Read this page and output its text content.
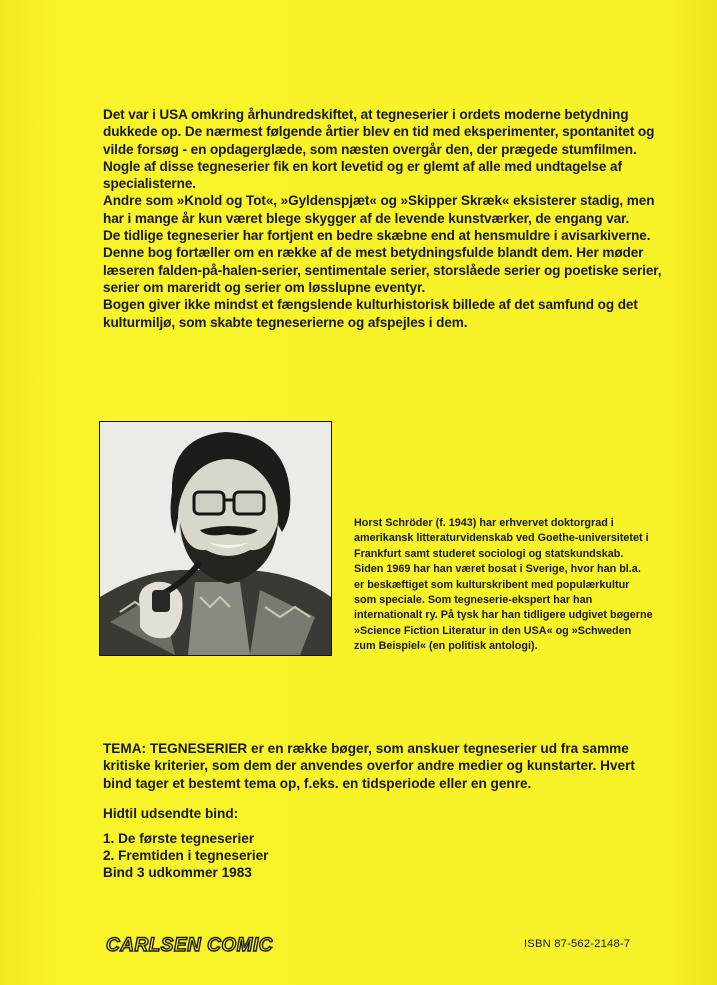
Det var i USA omkring århundredskiftet, at tegneserier i ordets moderne betydning dukkede op. De nærmest følgende årtier blev en tid med eksperimenter, spontanitet og vilde forsøg - en opdagerglæde, som næsten overgår den, der prægede stumfilmen. Nogle af disse tegneserier fik en kort levetid og er glemt af alle med undtagelse af specialisterne.

Andre som »Knold og Tot«, »Gyldenspjæt« og »Skipper Skræk« eksisterer stadig, men har i mange år kun været blege skygger af de levende kunstværker, de engang var.

De tidlige tegneserier har fortjent en bedre skæbne end at hensmuldre i avisarkiverne. Denne bog fortæller om en række af de mest betydningsfulde blandt dem. Her møder læseren falden-på-halen-serier, sentimentale serier, storslåede serier og poetiske serier, serier om mareridt og serier om løsslupne eventyr.

Bogen giver ikke mindst et fængslende kulturhistorisk billede af det samfund og det kulturmiljø, som skabte tegneserierne og afspejles i dem.

Horst Schröder (f. 1943) har erhvervet doktorgrad i amerikansk litteraturvidenskab ved Goethe-universitetet i Frankfurt samt studeret sociologi og statskundskab. Siden 1969 har han været bosat i Sverige, hvor han bl.a. er beskæftiget som kulturskribent med populærkultur som speciale. Som tegneserie-ekspert har han internationalt ry. På tysk har han tidligere udgivet bøgerne »Science Fiction Literatur in den USA« og »Schweden zum Beispiel« (en politisk antologi).

TEMA: TEGNESERIER er en række bøger, som anskuer tegneserier ud fra samme kritiske kriterier, som dem der anvendes overfor andre medier og kunstarter. Hvert bind tager et bestemt tema op, f.eks. en tidsperiode eller en genre.

Hidtil udsendte bind:
1. De første tegneserier
2. Fremtiden i tegneserier
Bind 3 udkommer 1983
CARLSEN COMICS	ISBN 87-562-2148-7
